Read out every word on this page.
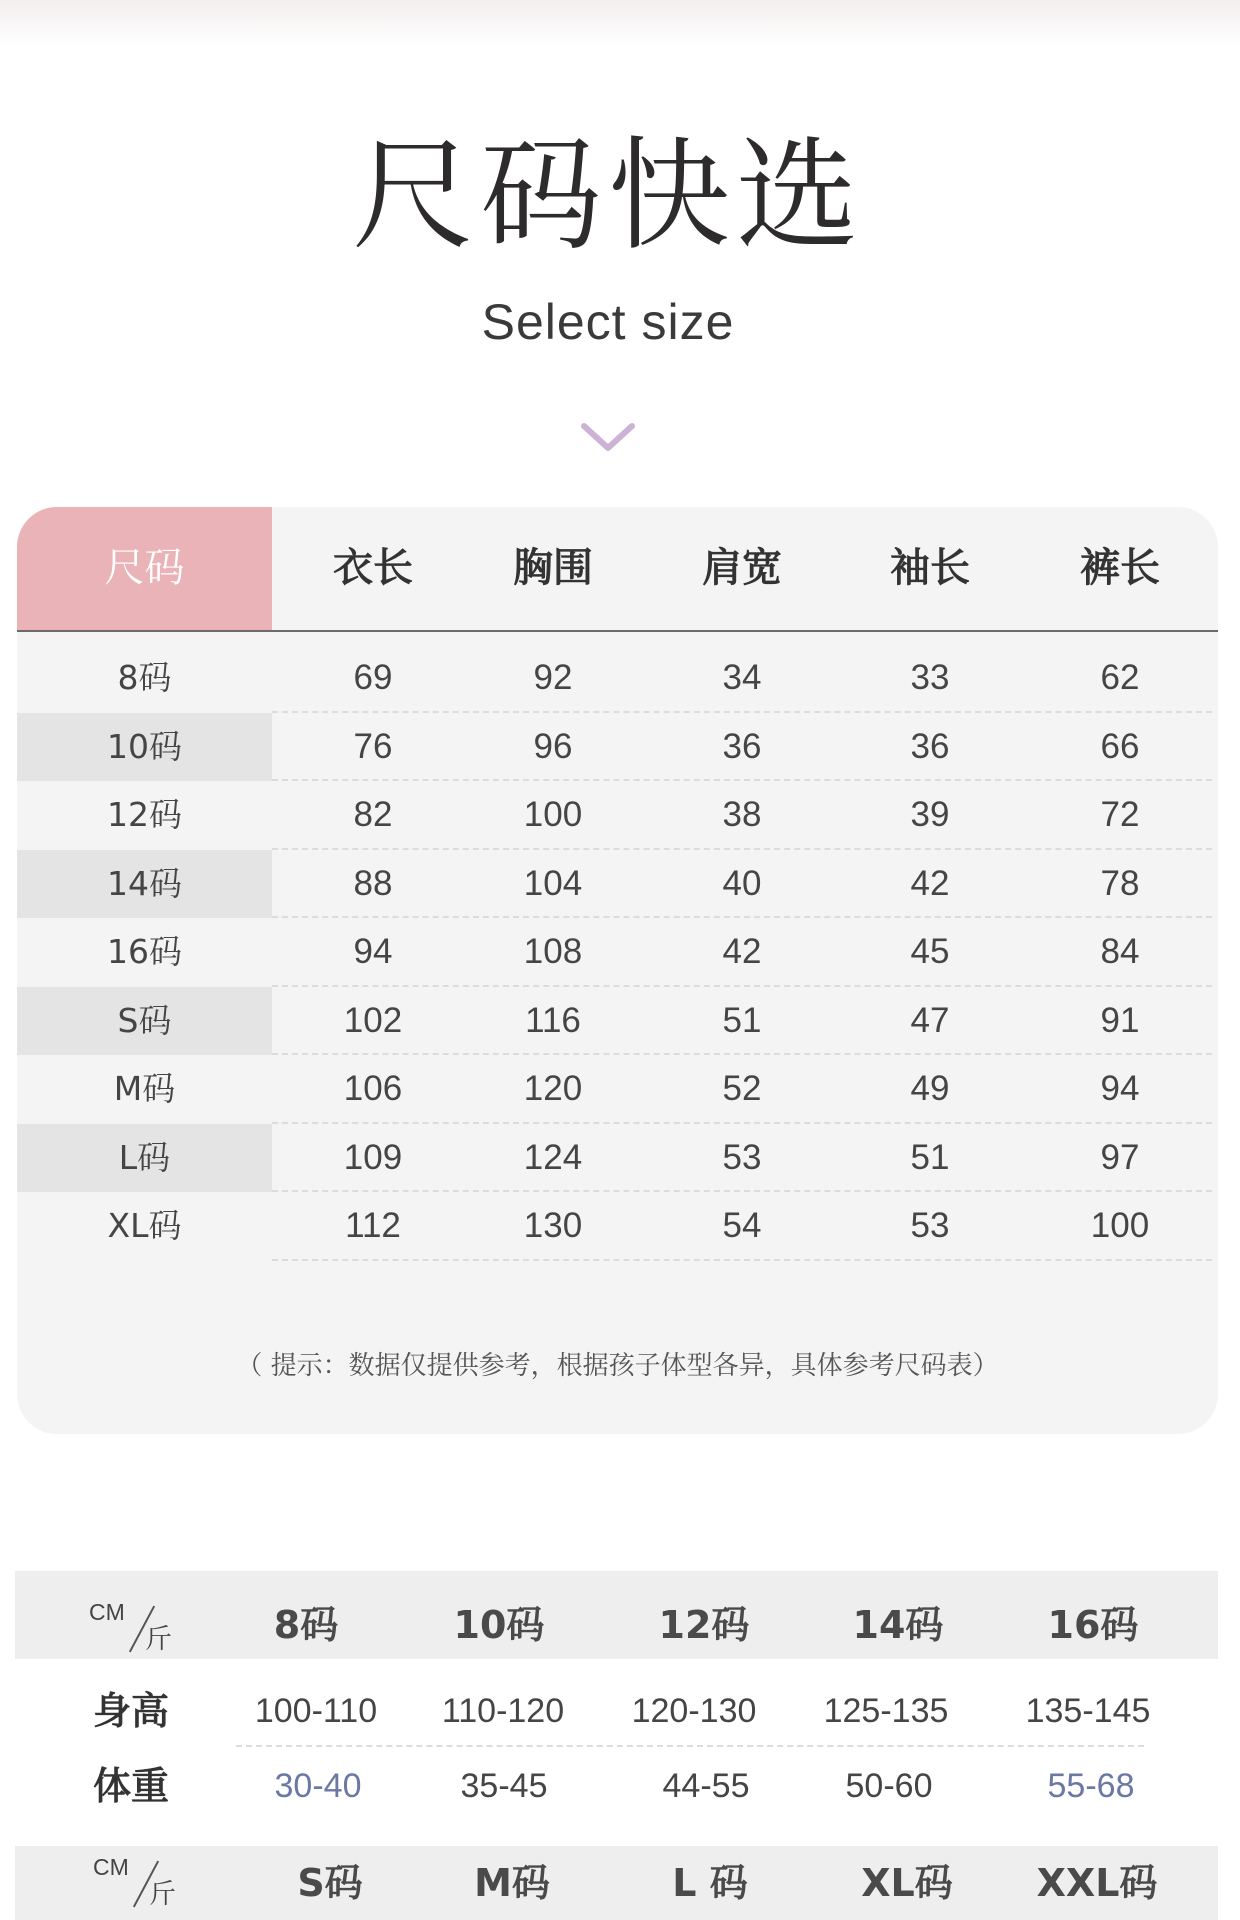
尺码快选
Select size
尺码	衣长	胸围	肩宽	袖长	裤长
8码	69	92	34	33	62
10码	76	96	36	36	66
12码	82	100	38	39	72
14码	88	104	40	42	78
16码	94	108	42	45	84
S码	102	116	51	47	91
M码	106	120	52	49	94
L码	109	124	53	51	97
XL码	112	130	54	53	100
（ 提示：数据仅提供参考，根据孩子体型各异，具体参考尺码表）
CM
斤	8码	10码	12码	14码	16码
身高	100-110	110-120	120-130	125-135	135-145
体重	30-40	35-45	44-55	50-60	55-68
CM
斤	S码	M码	L 码	XL码	XXL码
